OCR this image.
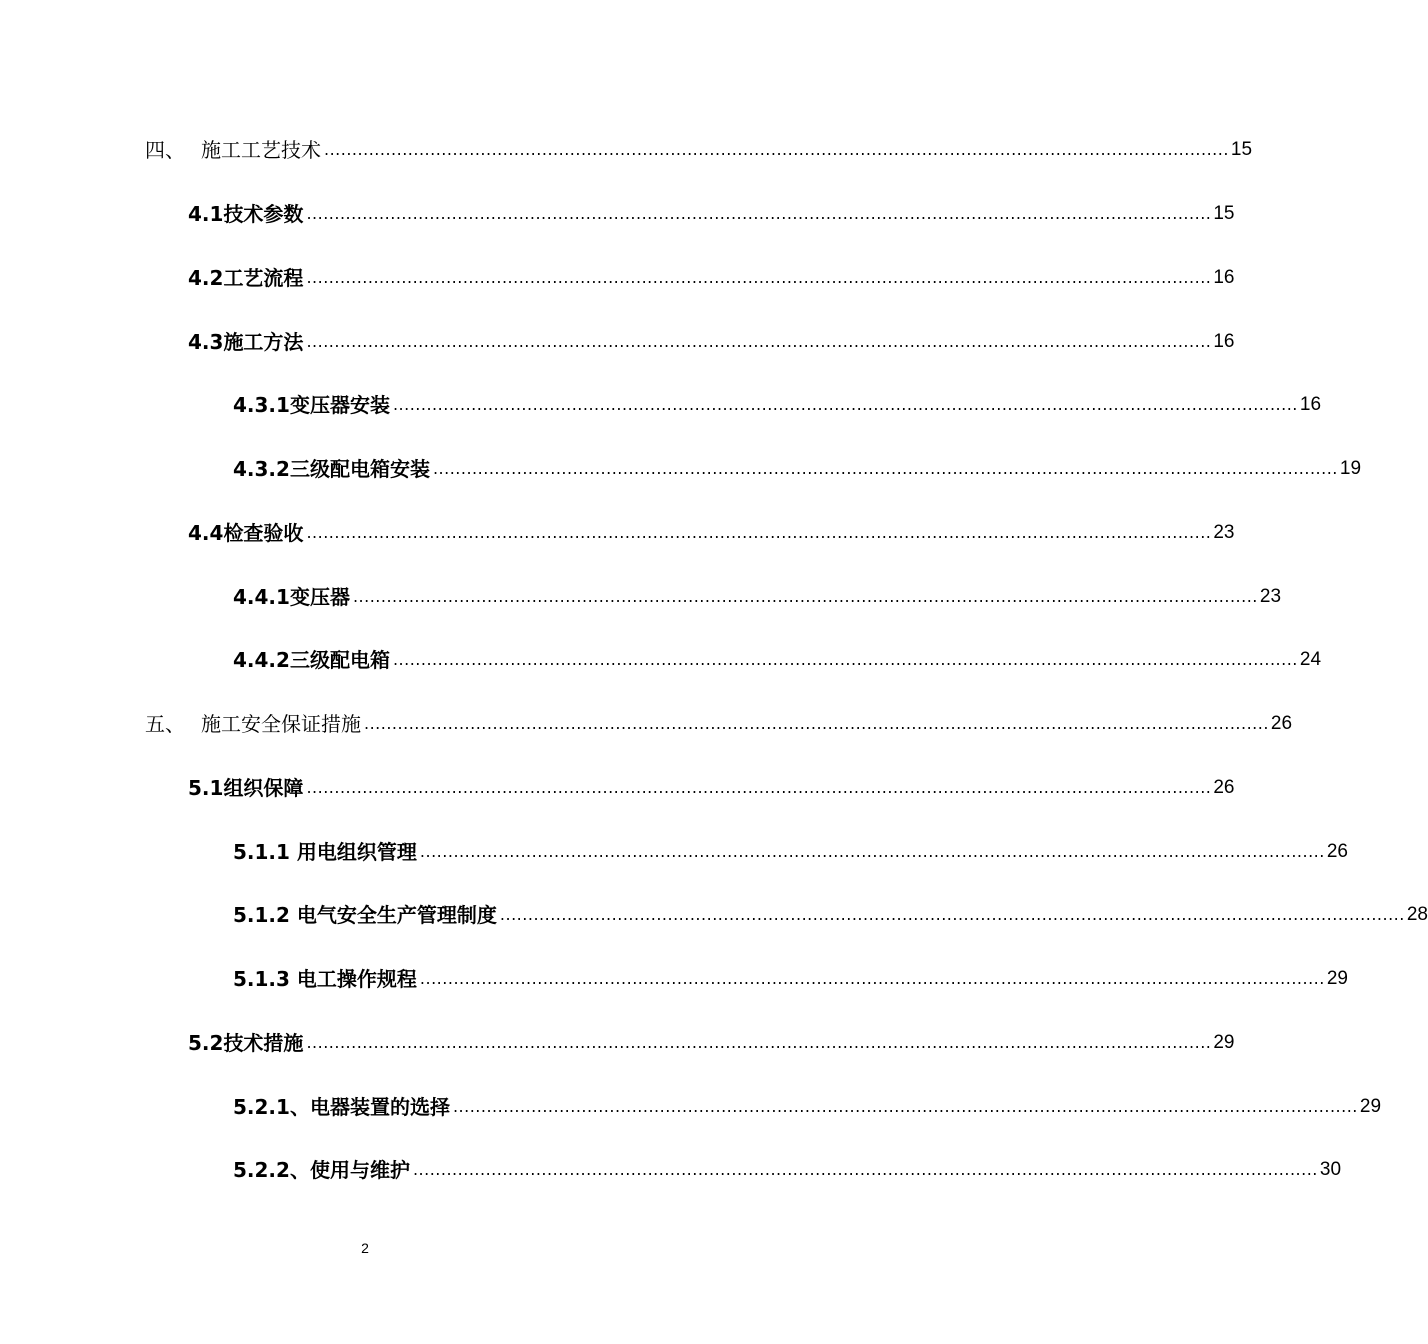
四、 施工工艺技术 .................................................................................................................................................................. 15
4.1技术参数 .................................................................................................................................................................. 15
4.2工艺流程 .................................................................................................................................................................. 16
4.3施工方法 .................................................................................................................................................................. 16
4.3.1变压器安装 .................................................................................................................................................................. 16
4.3.2三级配电箱安装 .................................................................................................................................................................. 19
4.4检查验收 .................................................................................................................................................................. 23
4.4.1变压器 .................................................................................................................................................................. 23
4.4.2三级配电箱 .................................................................................................................................................................. 24
五、 施工安全保证措施 .................................................................................................................................................................. 26
5.1组织保障 .................................................................................................................................................................. 26
5.1.1 用电组织管理 .................................................................................................................................................................. 26
5.1.2 电气安全生产管理制度 .................................................................................................................................................................. 28
5.1.3 电工操作规程 .................................................................................................................................................................. 29
5.2技术措施 .................................................................................................................................................................. 29
5.2.1、电器装置的选择 .................................................................................................................................................................. 29
5.2.2、使用与维护 .................................................................................................................................................................. 30
2
